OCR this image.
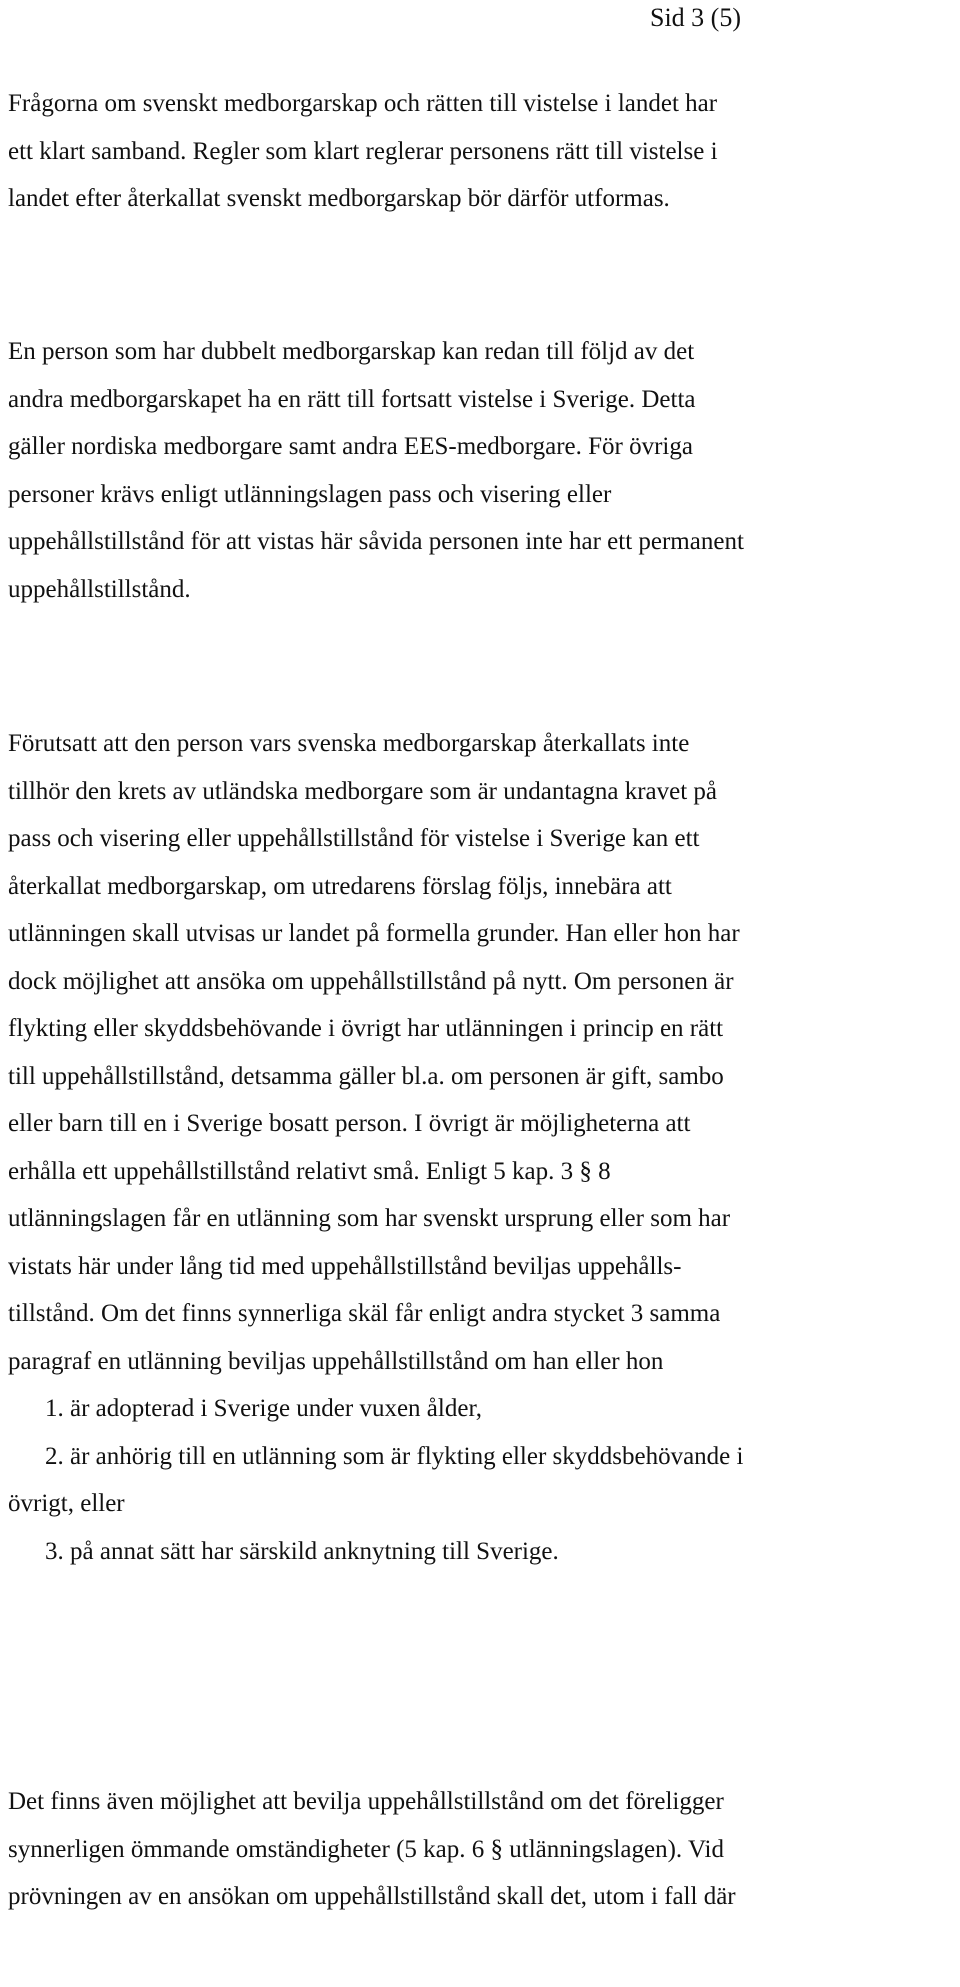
Sid 3 (5)
Frågorna om svenskt medborgarskap och rätten till vistelse i landet har
ett klart samband. Regler som klart reglerar personens rätt till vistelse i
landet efter återkallat svenskt medborgarskap bör därför utformas.
En person som har dubbelt medborgarskap kan redan till följd av det
andra medborgarskapet ha en rätt till fortsatt vistelse i Sverige. Detta
gäller nordiska medborgare samt andra EES-medborgare. För övriga
personer krävs enligt utlänningslagen pass och visering eller
uppehållstillstånd för att vistas här såvida personen inte har ett permanent
uppehållstillstånd.
Förutsatt att den person vars svenska medborgarskap återkallats inte
tillhör den krets av utländska medborgare som är undantagna kravet på
pass och visering eller uppehållstillstånd för vistelse i Sverige kan ett
återkallat medborgarskap, om utredarens förslag följs, innebära att
utlänningen skall utvisas ur landet på formella grunder. Han eller hon har
dock möjlighet att ansöka om uppehållstillstånd på nytt. Om personen är
flykting eller skyddsbehövande i övrigt har utlänningen i princip en rätt
till uppehållstillstånd, detsamma gäller bl.a. om personen är gift, sambo
eller barn till en i Sverige bosatt person. I övrigt är möjligheterna att
erhålla ett uppehållstillstånd relativt små. Enligt 5 kap. 3 § 8
utlänningslagen får en utlänning som har svenskt ursprung eller som har
vistats här under lång tid med uppehållstillstånd beviljas uppehålls-
tillstånd. Om det finns synnerliga skäl får enligt andra stycket 3 samma
paragraf en utlänning beviljas uppehållstillstånd om han eller hon
1. är adopterad i Sverige under vuxen ålder,
2. är anhörig till en utlänning som är flykting eller skyddsbehövande i
övrigt, eller
3. på annat sätt har särskild anknytning till Sverige.
Det finns även möjlighet att bevilja uppehållstillstånd om det föreligger
synnerligen ömmande omständigheter (5 kap. 6 § utlänningslagen). Vid
prövningen av en ansökan om uppehållstillstånd skall det, utom i fall där
